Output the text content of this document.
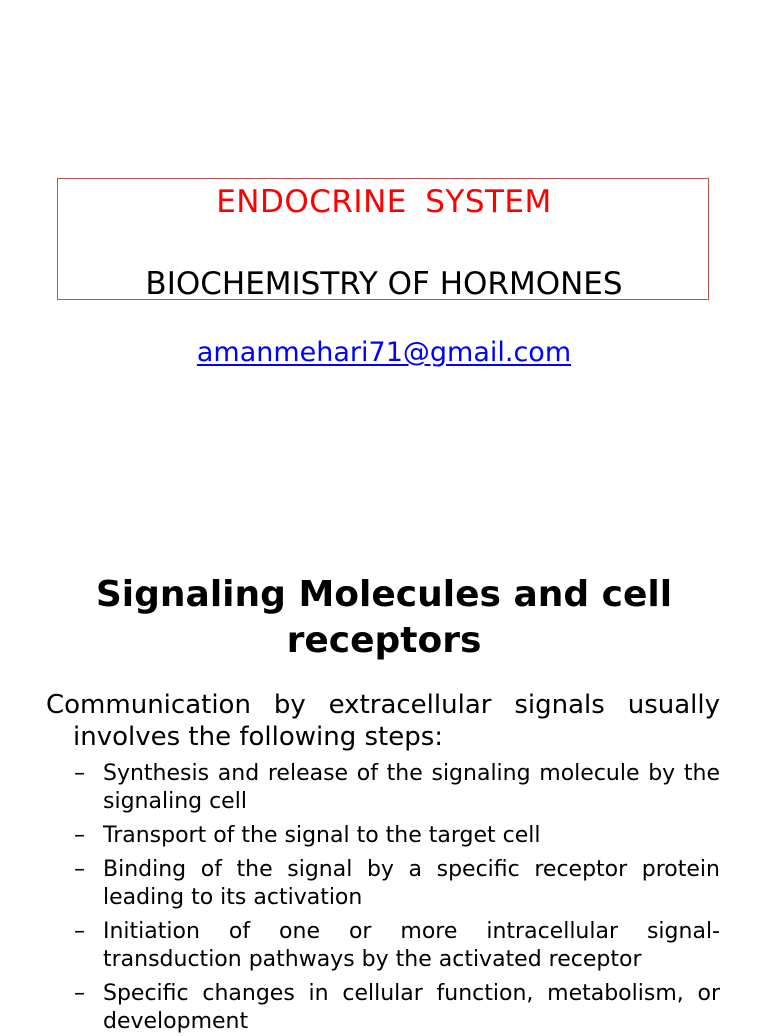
ENDOCRINE SYSTEM
BIOCHEMISTRY OF HORMONES
amanmehari71@gmail.com
Signaling Molecules and cell receptors
Communication by extracellular signals usually involves the following steps:
– Synthesis and release of the signaling molecule by the signaling cell
– Transport of the signal to the target cell
– Binding of the signal by a specific receptor protein leading to its activation
– Initiation of one or more intracellular signal-transduction pathways by the activated receptor
– Specific changes in cellular function, metabolism, or development
